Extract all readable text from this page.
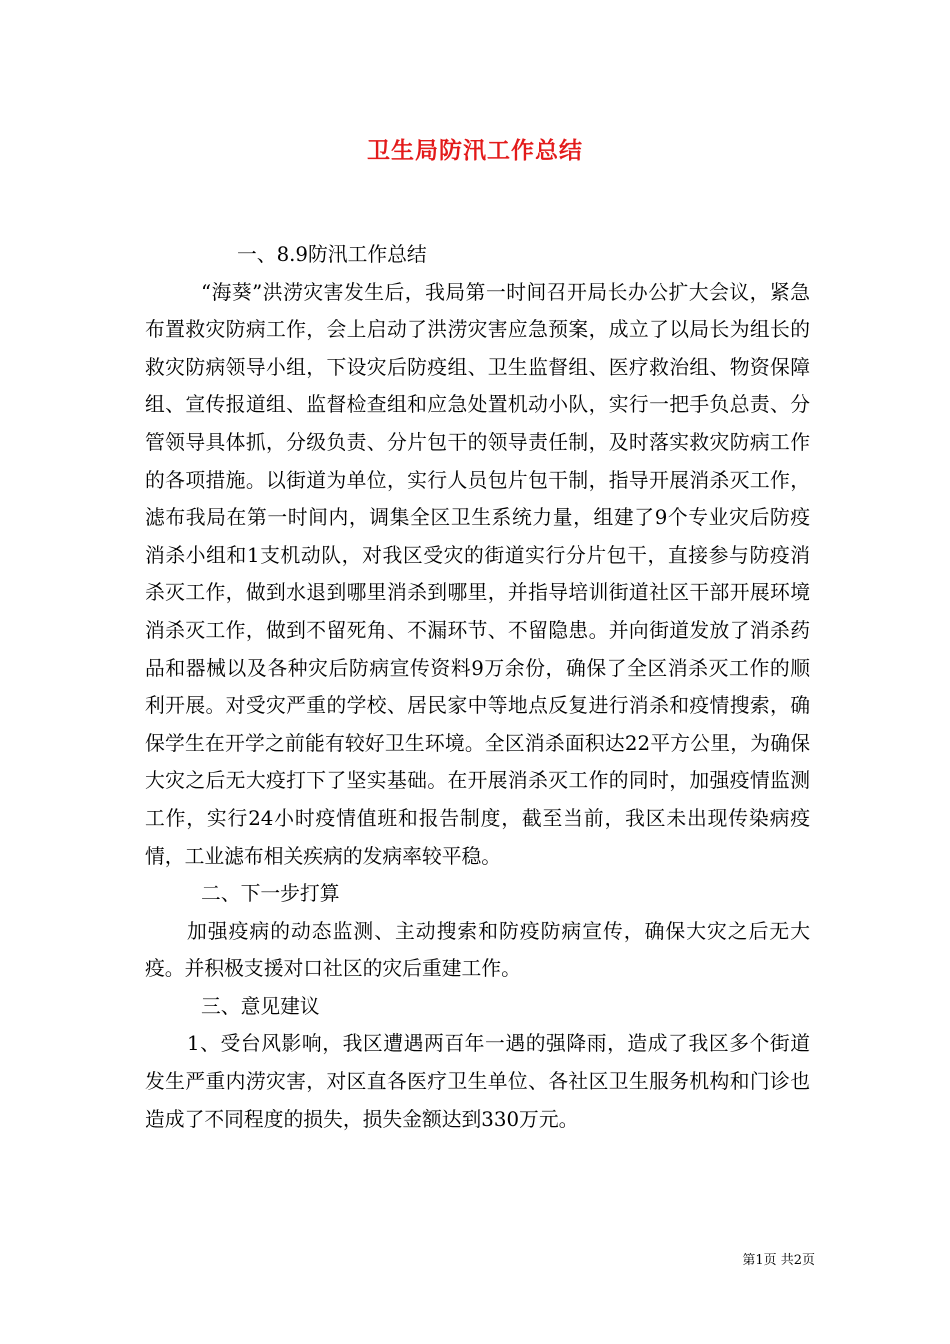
卫生局防汛工作总结

一、8.9防汛工作总结

“海葵”洪涝灾害发生后，我局第一时间召开局长办公扩大会议，紧急布置救灾防病工作，会上启动了洪涝灾害应急预案，成立了以局长为组长的救灾防病领导小组，下设灾后防疫组、卫生监督组、医疗救治组、物资保障组、宣传报道组、监督检查组和应急处置机动小队，实行一把手负总责、分管领导具体抓，分级负责、分片包干的领导责任制，及时落实救灾防病工作的各项措施。以街道为单位，实行人员包片包干制，指导开展消杀灭工作，滤布我局在第一时间内，调集全区卫生系统力量，组建了9个专业灾后防疫消杀小组和1支机动队，对我区受灾的街道实行分片包干，直接参与防疫消杀灭工作，做到水退到哪里消杀到哪里，并指导培训街道社区干部开展环境消杀灭工作，做到不留死角、不漏环节、不留隐患。并向街道发放了消杀药品和器械以及各种灾后防病宣传资料9万余份，确保了全区消杀灭工作的顺利开展。对受灾严重的学校、居民家中等地点反复进行消杀和疫情搜索，确保学生在开学之前能有较好卫生环境。全区消杀面积达22平方公里，为确保大灾之后无大疫打下了坚实基础。在开展消杀灭工作的同时，加强疫情监测工作，实行24小时疫情值班和报告制度，截至当前，我区未出现传染病疫情，工业滤布相关疾病的发病率较平稳。

二、下一步打算

加强疫病的动态监测、主动搜索和防疫防病宣传，确保大灾之后无大疫。并积极支援对口社区的灾后重建工作。

三、意见建议

1、受台风影响，我区遭遇两百年一遇的强降雨，造成了我区多个街道发生严重内涝灾害，对区直各医疗卫生单位、各社区卫生服务机构和门诊也造成了不同程度的损失，损失金额达到330万元。

第1页 共2页
